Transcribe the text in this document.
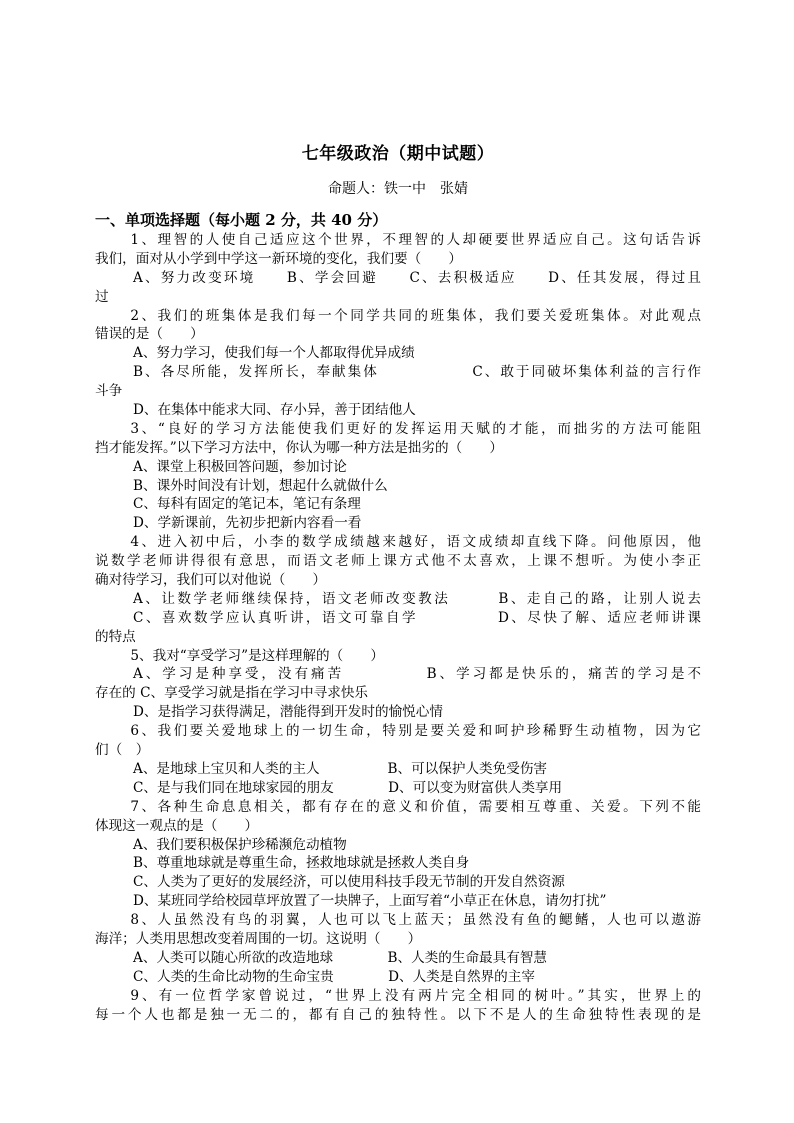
七年级政治（期中试题）
命题人：铁一中　张婧
一、单项选择题（每小题 2 分，共 40 分）
1、理智的人使自己适应这个世界，不理智的人却硬要世界适应自己。这句话告诉
我们，面对从小学到中学这一新环境的变化，我们要（　　）
A、努力改变环境　　B、学会回避　　C、去积极适应　　D、任其发展，得过且
过
2、我们的班集体是我们每一个同学共同的班集体，我们要关爱班集体。对此观点
错误的是（　　）
A、努力学习，使我们每一个人都取得优异成绩
B、各尽所能，发挥所长，奉献集体　　　　　　C、敢于同破坏集体利益的言行作
斗争
D、在集体中能求大同、存小异，善于团结他人
3、“良好的学习方法能使我们更好的发挥运用天赋的才能，而拙劣的方法可能阻
挡才能发挥。”以下学习方法中，你认为哪一种方法是拙劣的（　　）
A、课堂上积极回答问题，参加讨论
B、课外时间没有计划，想起什么就做什么
C、每科有固定的笔记本，笔记有条理
D、学新课前，先初步把新内容看一看
4、进入初中后，小李的数学成绩越来越好，语文成绩却直线下降。问他原因，他
说数学老师讲得很有意思，而语文老师上课方式他不太喜欢，上课不想听。为使小李正
确对待学习，我们可以对他说（　　）
A、让数学老师继续保持，语文老师改变教法　　　B、走自己的路，让别人说去
C、喜欢数学应认真听讲，语文可靠自学　　　　　D、尽快了解、适应老师讲课
的特点
5、我对“享受学习”是这样理解的（　　）
A、学习是种享受，没有痛苦　　　　　B、学习都是快乐的，痛苦的学习是不
存在的 C、享受学习就是指在学习中寻求快乐
D、是指学习获得满足，潜能得到开发时的愉悦心情
6、我们要关爱地球上的一切生命，特别是要关爱和呵护珍稀野生动植物，因为它
们（　）
A、是地球上宝贝和人类的主人　　　　　B、可以保护人类免受伤害
C、是与我们同在地球家园的朋友　　　　D、可以变为财富供人类享用
7、各种生命息息相关，都有存在的意义和价值，需要相互尊重、关爱。下列不能
体现这一观点的是（　　）
A、我们要积极保护珍稀濒危动植物
B、尊重地球就是尊重生命，拯救地球就是拯救人类自身
C、人类为了更好的发展经济，可以使用科技手段无节制的开发自然资源
D、某班同学给校园草坪放置了一块牌子，上面写着“小草正在休息，请勿打扰”
8、人虽然没有鸟的羽翼，人也可以飞上蓝天；虽然没有鱼的鳃鳍，人也可以遨游
海洋；人类用思想改变着周围的一切。这说明（　　）
A、人类可以随心所欲的改造地球　　　　B、人类的生命最具有智慧
C、人类的生命比动物的生命宝贵　　　　D、人类是自然界的主宰
9、有一位哲学家曾说过，“世界上没有两片完全相同的树叶。”其实，世界上的
每一个人也都是独一无二的，都有自己的独特性。以下不是人的生命独特性表现的是
